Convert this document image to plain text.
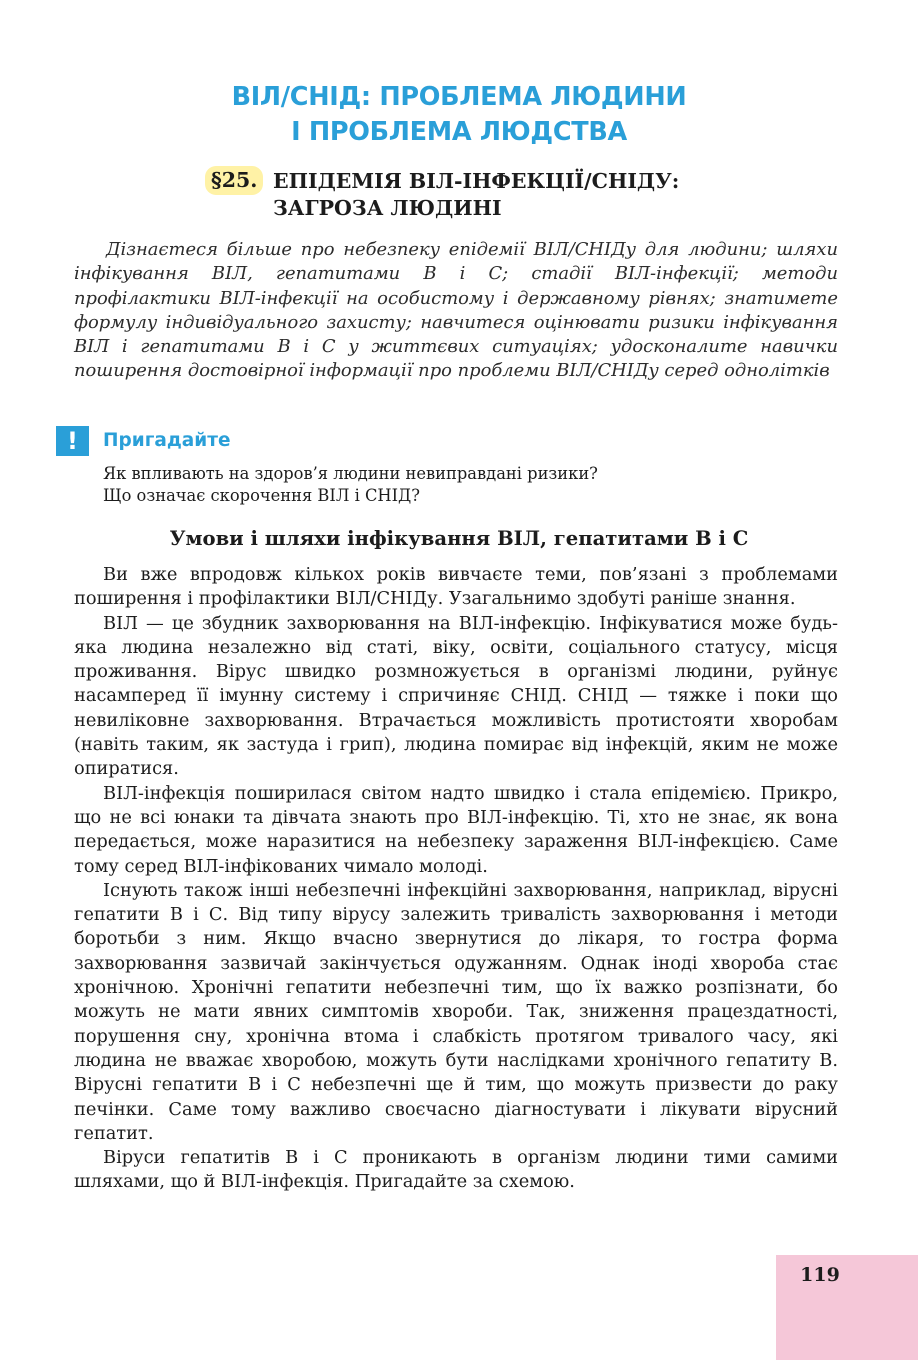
ВІЛ/СНІД: ПРОБЛЕМА ЛЮДИНИ
І ПРОБЛЕМА ЛЮДСТВА
§25. ЕПІДЕМІЯ ВІЛ-ІНФЕКЦІЇ/СНІДУ:
ЗАГРОЗА ЛЮДИНІ
Дізнаєтеся більше про небезпеку епідемії ВІЛ/СНІДу для людини; шляхи інфікування ВІЛ, гепатитами В і С; стадії ВІЛ-інфекції; методи профілактики ВІЛ-інфекції на особистому і державному рівнях; знатимете формулу індивідуального захисту; навчитеся оцінювати ризики інфікування ВІЛ і гепатитами В і С у життєвих ситуаціях; удосконалите навички поширення достовірної інформації про проблеми ВІЛ/СНІДу серед однолітків
!	Пригадайте
Як впливають на здоров’я людини невиправдані ризики?
Що означає скорочення ВІЛ і СНІД?
Умови і шляхи інфікування ВІЛ, гепатитами В і С

Ви вже впродовж кількох років вивчаєте теми, пов’язані з проблемами поширення і профілактики ВІЛ/СНІДу. Узагальнимо здобуті раніше знання.

ВІЛ — це збудник захворювання на ВІЛ-інфекцію. Інфікуватися може будь-яка людина незалежно від статі, віку, освіти, соціального статусу, місця проживання. Вірус швидко розмножується в організмі людини, руйнує насамперед її імунну систему і спричиняє СНІД. СНІД — тяжке і поки що невиліковне захворювання. Втрачається можливість протистояти хворобам (навіть таким, як застуда і грип), людина помирає від інфекцій, яким не може опиратися.

ВІЛ-інфекція поширилася світом надто швидко і стала епідемією. Прикро, що не всі юнаки та дівчата знають про ВІЛ-інфекцію. Ті, хто не знає, як вона передається, може наразитися на небезпеку зараження ВІЛ-інфекцією. Саме тому серед ВІЛ-інфікованих чимало молоді.

Існують також інші небезпечні інфекційні захворювання, наприклад, вірусні гепатити В і С. Від типу вірусу залежить тривалість захворювання і методи боротьби з ним. Якщо вчасно звернутися до лікаря, то гостра форма захворювання зазвичай закінчується одужанням. Однак іноді хвороба стає хронічною. Хронічні гепатити небезпечні тим, що їх важко розпізнати, бо можуть не мати явних симптомів хвороби. Так, зниження працездатності, порушення сну, хронічна втома і слабкість протягом тривалого часу, які людина не вважає хворобою, можуть бути наслідками хронічного гепатиту В. Вірусні гепатити В і С небезпечні ще й тим, що можуть призвести до раку печінки. Саме тому важливо своєчасно діагностувати і лікувати вірусний гепатит.

Віруси гепатитів В і С проникають в організм людини тими самими шляхами, що й ВІЛ-інфекція. Пригадайте за схемою.

119
